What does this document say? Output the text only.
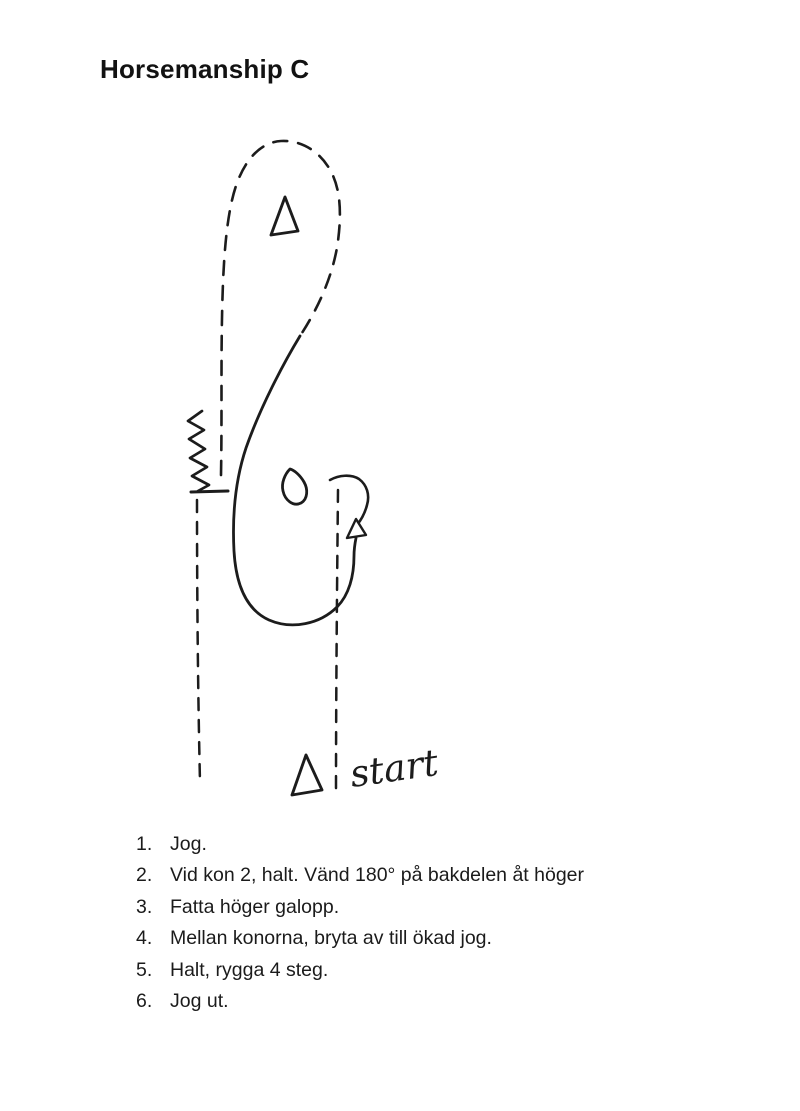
Horsemanship C
start
1. Jog.
2. Vid kon 2, halt. Vänd 180° på bakdelen åt höger
3. Fatta höger galopp.
4. Mellan konorna, bryta av till ökad jog.
5. Halt, rygga 4 steg.
6. Jog ut.
